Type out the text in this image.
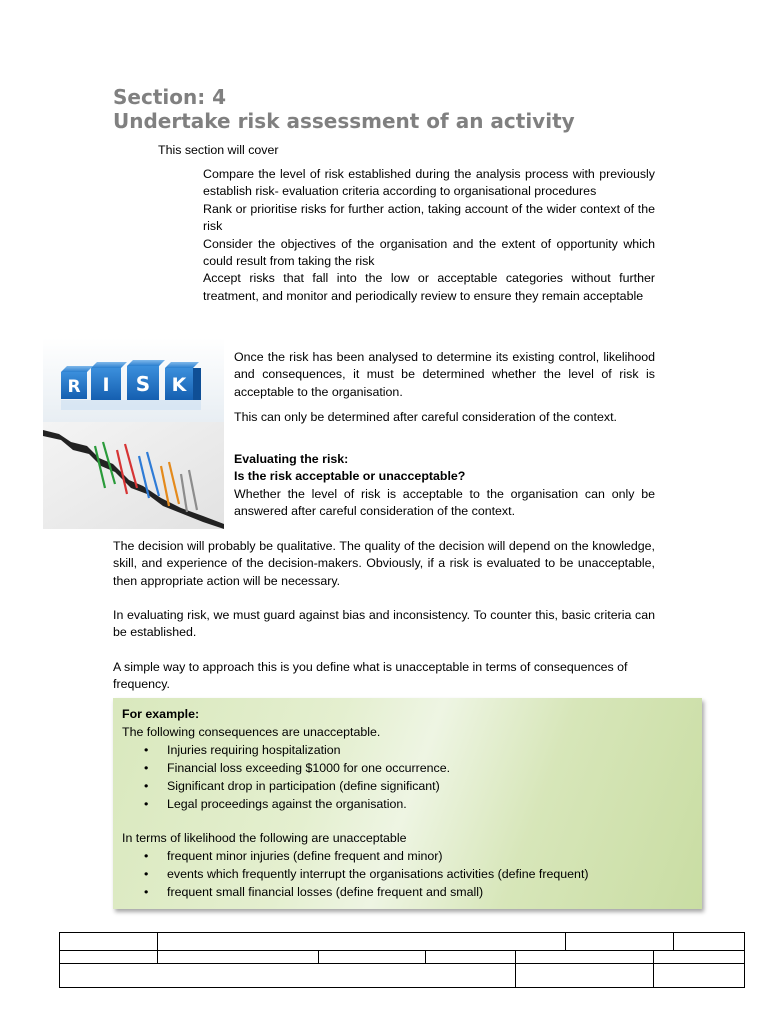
Section: 4
Undertake risk assessment of an activity
This section will cover
Compare the level of risk established during the analysis process with previously establish risk- evaluation criteria according to organisational procedures
Rank or prioritise risks for further action, taking account of the wider context of the risk
Consider the objectives of the organisation and the extent of opportunity which could result from taking the risk
Accept risks that fall into the low or acceptable categories without further treatment, and monitor and periodically review to ensure they remain acceptable
R I S K
Once the risk has been analysed to determine its existing control, likelihood and consequences, it must be determined whether the level of risk is acceptable to the organisation.
This can only be determined after careful consideration of the context.
Evaluating the risk:
Is the risk acceptable or unacceptable?
Whether the level of risk is acceptable to the organisation can only be answered after careful consideration of the context.
The decision will probably be qualitative. The quality of the decision will depend on the knowledge, skill, and experience of the decision-makers. Obviously, if a risk is evaluated to be unacceptable, then appropriate action will be necessary.
In evaluating risk, we must guard against bias and inconsistency. To counter this, basic criteria can be established.
A simple way to approach this is you define what is unacceptable in terms of consequences of frequency.
For example:
The following consequences are unacceptable.
• Injuries requiring hospitalization
• Financial loss exceeding $1000 for one occurrence.
• Significant drop in participation (define significant)
• Legal proceedings against the organisation.
In terms of likelihood the following are unacceptable
• frequent minor injuries (define frequent and minor)
• events which frequently interrupt the organisations activities (define frequent)
• frequent small financial losses (define frequent and small)
